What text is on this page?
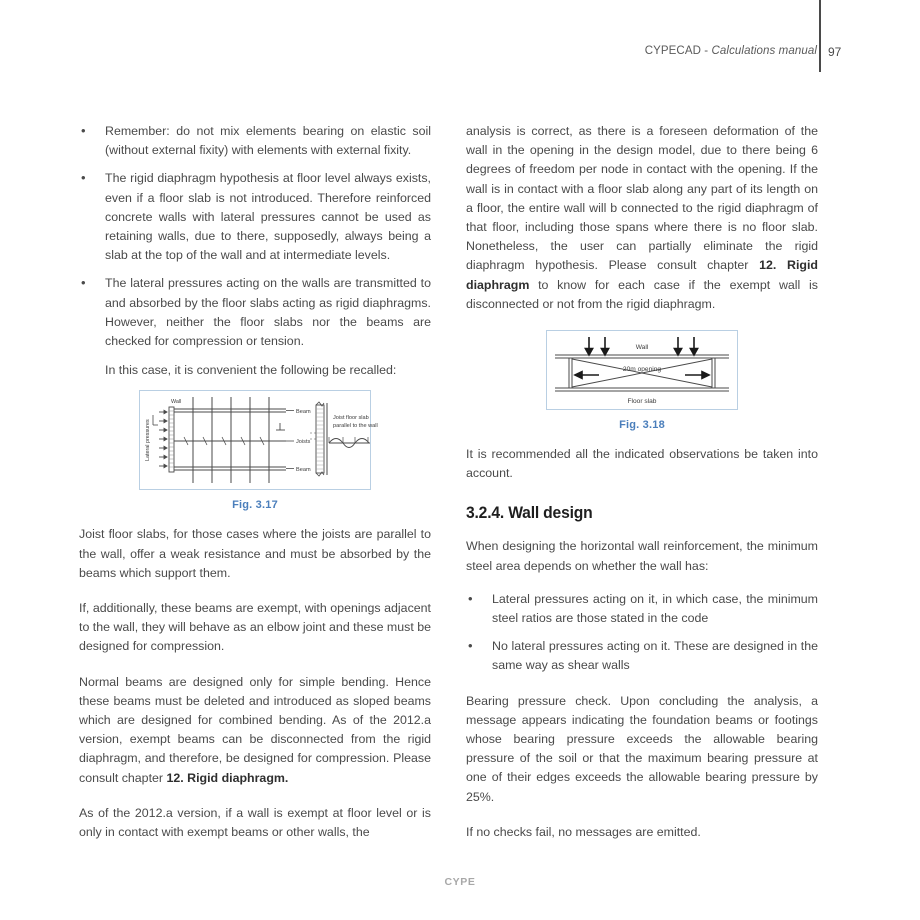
CYPECAD - Calculations manual 97
• Remember: do not mix elements bearing on elastic soil (without external fixity) with elements with external fixity.
• The rigid diaphragm hypothesis at floor level always exists, even if a floor slab is not introduced. Therefore reinforced concrete walls with lateral pressures cannot be used as retaining walls, due to there, supposedly, always being a slab at the top of the wall and at intermediate levels.
• The lateral pressures acting on the walls are transmitted to and absorbed by the floor slabs acting as rigid diaphragms. However, neither the floor slabs nor the beams are checked for compression or tension.
In this case, it is convenient the following be recalled:
Lateral pressures
Wall
Beam
Joists
Beam
Joist floor slab
parallel to the wall
Fig. 3.17

Joist floor slabs, for those cases where the joists are parallel to the wall, offer a weak resistance and must be absorbed by the beams which support them.

If, additionally, these beams are exempt, with openings adjacent to the wall, they will behave as an elbow joint and these must be designed for compression.

Normal beams are designed only for simple bending. Hence these beams must be deleted and introduced as sloped beams which are designed for combined bending. As of the 2012.a version, exempt beams can be disconnected from the rigid diaphragm, and therefore, be designed for compression. Please consult chapter 12. Rigid diaphragm.

As of the 2012.a version, if a wall is exempt at floor level or is only in contact with exempt beams or other walls, the

analysis is correct, as there is a foreseen deformation of the wall in the opening in the design model, due to there being 6 degrees of freedom per node in contact with the opening. If the wall is in contact with a floor slab along any part of its length on a floor, the entire wall will b connected to the rigid diaphragm of that floor, including those spans where there is no floor slab. Nonetheless, the user can partially eliminate the rigid diaphragm hypothesis. Please consult chapter 12. Rigid diaphragm to know for each case if the exempt wall is disconnected or not from the rigid diaphragm.

Wall
20m opening
Floor slab
Fig. 3.18

It is recommended all the indicated observations be taken into account.

3.2.4. Wall design

When designing the horizontal wall reinforcement, the minimum steel area depends on whether the wall has:

• Lateral pressures acting on it, in which case, the minimum steel ratios are those stated in the code
• No lateral pressures acting on it. These are designed in the same way as shear walls

Bearing pressure check. Upon concluding the analysis, a message appears indicating the foundation beams or footings whose bearing pressure exceeds the allowable bearing pressure of the soil or that the maximum bearing pressure at one of their edges exceeds the allowable bearing pressure by 25%.

If no checks fail, no messages are emitted.

CYPE
